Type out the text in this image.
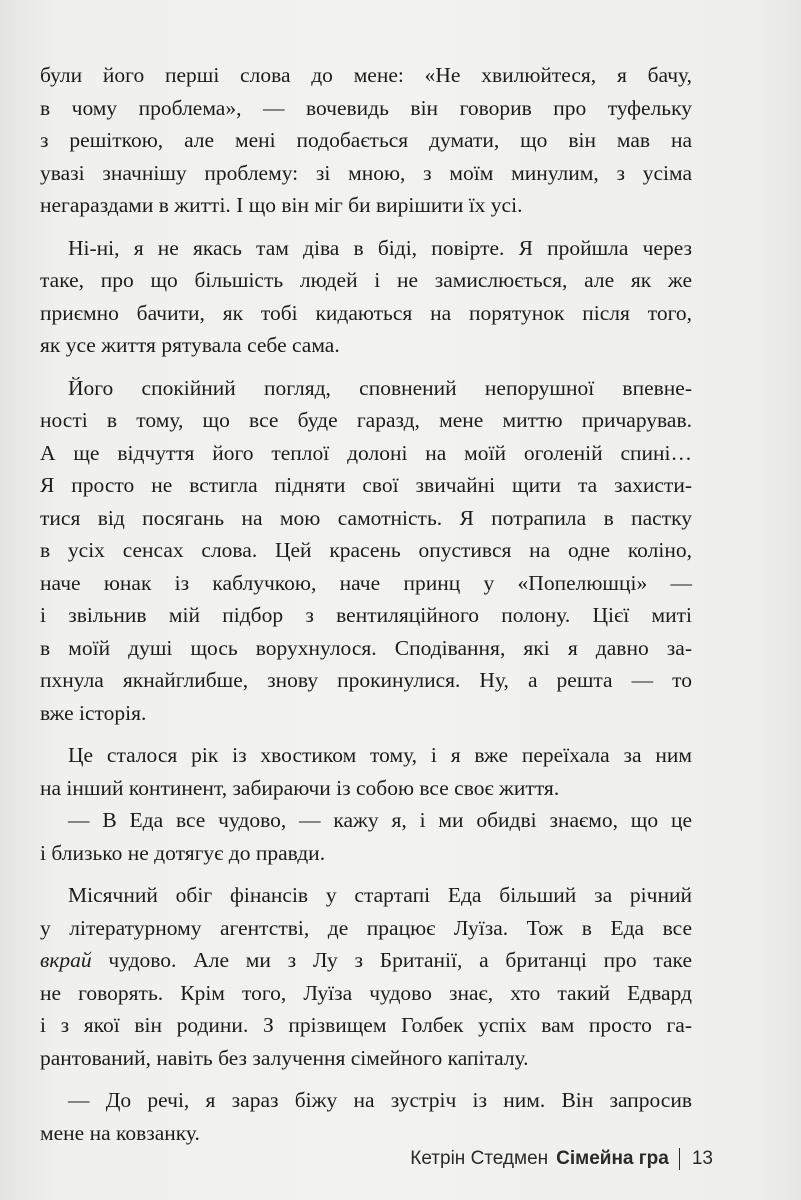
були його перші слова до мене: «Не хвилюйтеся, я бачу,
в чому проблема», — вочевидь він говорив про туфельку
з решіткою, але мені подобається думати, що він мав на
увазі значнішу проблему: зі мною, з моїм минулим, з усіма
негараздами в житті. І що він міг би вирішити їх усі.
Ні-ні, я не якась там діва в біді, повірте. Я пройшла через
таке, про що більшість людей і не замислюється, але як же
приємно бачити, як тобі кидаються на порятунок після того,
як усе життя рятувала себе сама.
Його спокійний погляд, сповнений непорушної впевне-
ності в тому, що все буде гаразд, мене миттю причарував.
А ще відчуття його теплої долоні на моїй оголеній спині…
Я просто не встигла підняти свої звичайні щити та захисти-
тися від посягань на мою самотність. Я потрапила в пастку
в усіх сенсах слова. Цей красень опустився на одне коліно,
наче юнак із каблучкою, наче принц у «Попелюшці» —
і звільнив мій підбор з вентиляційного полону. Цієї миті
в моїй душі щось ворухнулося. Сподівання, які я давно за-
пхнула якнайглибше, знову прокинулися. Ну, а решта — то
вже історія.
Це сталося рік із хвостиком тому, і я вже переїхала за ним
на інший континент, забираючи із собою все своє життя.
— В Еда все чудово, — кажу я, і ми обидві знаємо, що це
і близько не дотягує до правди.
Місячний обіг фінансів у стартапі Еда більший за річний
у літературному агентстві, де працює Луїза. Тож в Еда все
вкрай чудово. Але ми з Лу з Британії, а британці про таке
не говорять. Крім того, Луїза чудово знає, хто такий Едвард
і з якої він родини. З прізвищем Голбек успіх вам просто га-
рантований, навіть без залучення сімейного капіталу.
— До речі, я зараз біжу на зустріч із ним. Він запросив
мене на ковзанку.
Кетрін Стедмен Сімейна гра 13
